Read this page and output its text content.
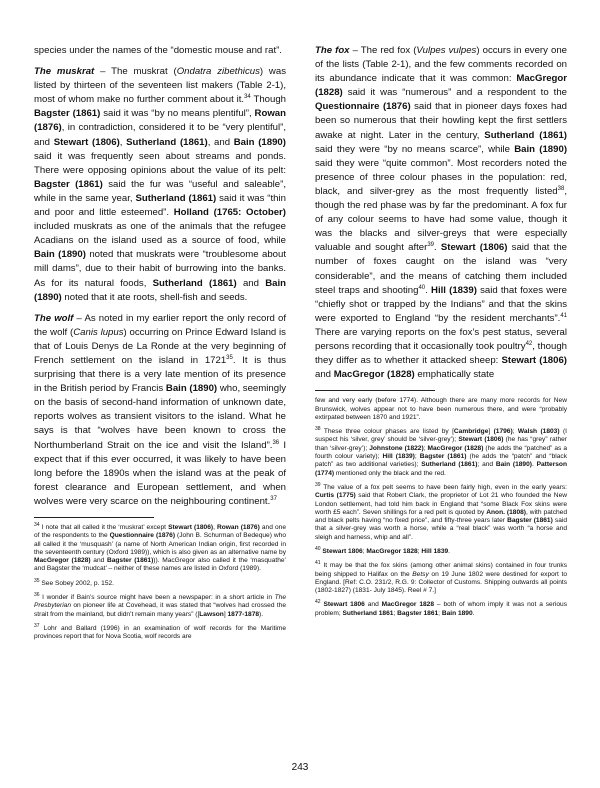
species under the names of the “domestic mouse and rat”.

The muskrat – The muskrat (Ondatra zibethicus) was listed by thirteen of the seventeen list makers (Table 2-1), most of whom make no further comment about it.$^{34}$ Though Bagster (1861) said it was “by no means plentiful”, Rowan (1876), in contradiction, considered it to be “very plentiful”, and Stewart (1806), Sutherland (1861), and Bain (1890) said it was frequently seen about streams and ponds. There were opposing opinions about the value of its pelt: Bagster (1861) said the fur was “useful and saleable”, while in the same year, Sutherland (1861) said it was “thin and poor and little esteemed”. Holland (1765: October) included muskrats as one of the animals that the refugee Acadians on the island used as a source of food, while Bain (1890) noted that muskrats were “troublesome about mill dams”, due to their habit of burrowing into the banks. As for its natural foods, Sutherland (1861) and Bain (1890) noted that it ate roots, shell-fish and seeds.

The wolf – As noted in my earlier report the only record of the wolf (Canis lupus) occurring on Prince Edward Island is that of Louis Denys de La Ronde at the very beginning of French settlement on the island in 1721$^{35}$. It is thus surprising that there is a very late mention of its presence in the British period by Francis Bain (1890) who, seemingly on the basis of second-hand information of unknown date, reports wolves as transient visitors to the island. What he says is that “wolves have been known to cross the Northumberland Strait on the ice and visit the Island”.$^{36}$ I expect that if this ever occurred, it was likely to have been long before the 1890s when the island was at the peak of forest clearance and European settlement, and when wolves were very scarce on the neighbouring continent.$^{37}$

$^{34}$ I note that all called it the ‘muskrat’ except Stewart (1806), Rowan (1876) and one of the respondents to the Questionnaire (1876) (John B. Schurman of Bedeque) who all called it the ‘musquash’ (a name of North American Indian origin, first recorded in the seventeenth century (Oxford 1989)), which is also given as an alternative name by MacGregor (1828) and Bagster (1861))). MacGregor also called it the ‘masquathe’ and Bagster the ‘mudcat’ – neither of these names are listed in Oxford (1989).

$^{35}$ See Sobey 2002, p. 152.

$^{36}$ I wonder if Bain’s source might have been a newspaper: in a short article in The Presbyterian on pioneer life at Covehead, it was stated that “wolves had crossed the strait from the mainland, but didn’t remain many years” ([Lawson] 1877-1878).

$^{37}$ Lohr and Ballard (1996) in an examination of wolf records for the Maritime provinces report that for Nova Scotia, wolf records are

The fox – The red fox (Vulpes vulpes) occurs in every one of the lists (Table 2-1), and the few comments recorded on its abundance indicate that it was common: MacGregor (1828) said it was “numerous” and a respondent to the Questionnaire (1876) said that in pioneer days foxes had been so numerous that their howling kept the first settlers awake at night. Later in the century, Sutherland (1861) said they were “by no means scarce”, while Bain (1890) said they were “quite common”. Most recorders noted the presence of three colour phases in the population: red, black, and silver-grey as the most frequently listed$^{38}$, though the red phase was by far the predominant. A fox fur of any colour seems to have had some value, though it was the blacks and silver-greys that were especially valuable and sought after$^{39}$. Stewart (1806) said that the number of foxes caught on the island was “very considerable”, and the means of catching them included steel traps and shooting$^{40}$. Hill (1839) said that foxes were “chiefly shot or trapped by the Indians” and that the skins were exported to England “by the resident merchants”.$^{41}$ There are varying reports on the fox’s pest status, several persons recording that it occasionally took poultry$^{42}$, though they differ as to whether it attacked sheep: Stewart (1806) and MacGregor (1828) emphatically state

few and very early (before 1774). Although there are many more records for New Brunswick, wolves appear not to have been numerous there, and were “probably extirpated between 1870 and 1921”.

$^{38}$ These three colour phases are listed by [Cambridge] (1796); Walsh (1803) (I suspect his ‘silver, grey’ should be ‘silver-grey’); Stewart (1806) (he has “grey” rather than ‘silver-grey’); Johnstone (1822); MacGregor (1828) (he adds the “patched” as a fourth colour variety); Hill (1839); Bagster (1861) (he adds the “patch” and “black patch” as two additional varieties); Sutherland (1861); and Bain (1890). Patterson (1774) mentioned only the black and the red.

$^{39}$ The value of a fox pelt seems to have been fairly high, even in the early years: Curtis (1775) said that Robert Clark, the proprietor of Lot 21 who founded the New London settlement, had told him back in England that “some Black Fox skins were worth £5 each”. Seven shillings for a red pelt is quoted by Anon. (1808), with patched and black pelts having “no fixed price”, and fifty-three years later Bagster (1861) said that a silver-grey was worth a horse, while a “real black” was worth “a horse and sleigh and harness, whip and all”.

$^{40}$ Stewart 1806; MacGregor 1828; Hill 1839.

$^{41}$ It may be that the fox skins (among other animal skins) contained in four trunks being shipped to Halifax on the Betsy on 19 June 1802 were destined for export to England. [Ref: C.O. 231/2, R.G. 9: Collector of Customs. Shipping outwards all points (1802-1827) (1831- July 1845). Reel # 7.]

$^{42}$ Stewart 1806 and MacGregor 1828 – both of whom imply it was not a serious problem; Sutherland 1861; Bagster 1861; Bain 1890.

243
